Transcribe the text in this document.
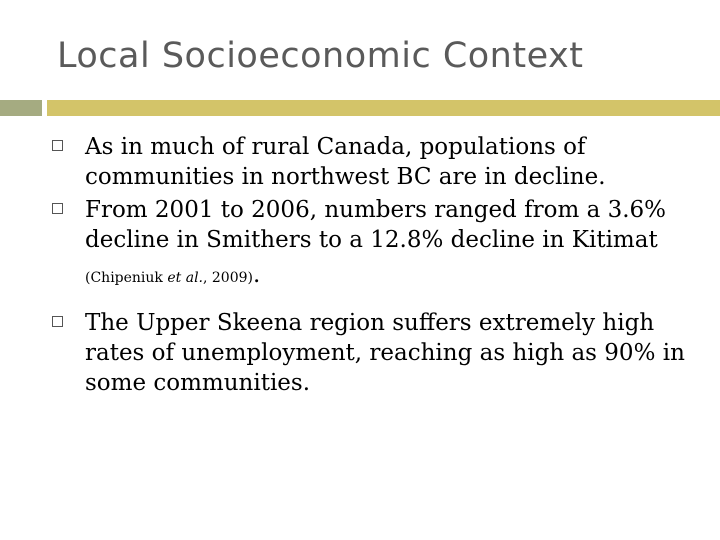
Local Socioeconomic Context
As in much of rural Canada, populations of communities in northwest BC are in decline.
From 2001 to 2006, numbers ranged from a 3.6% decline in Smithers to a 12.8% decline in Kitimat
(Chipeniuk et al., 2009).
The Upper Skeena region suffers extremely high rates of unemployment, reaching as high as 90% in some communities.
